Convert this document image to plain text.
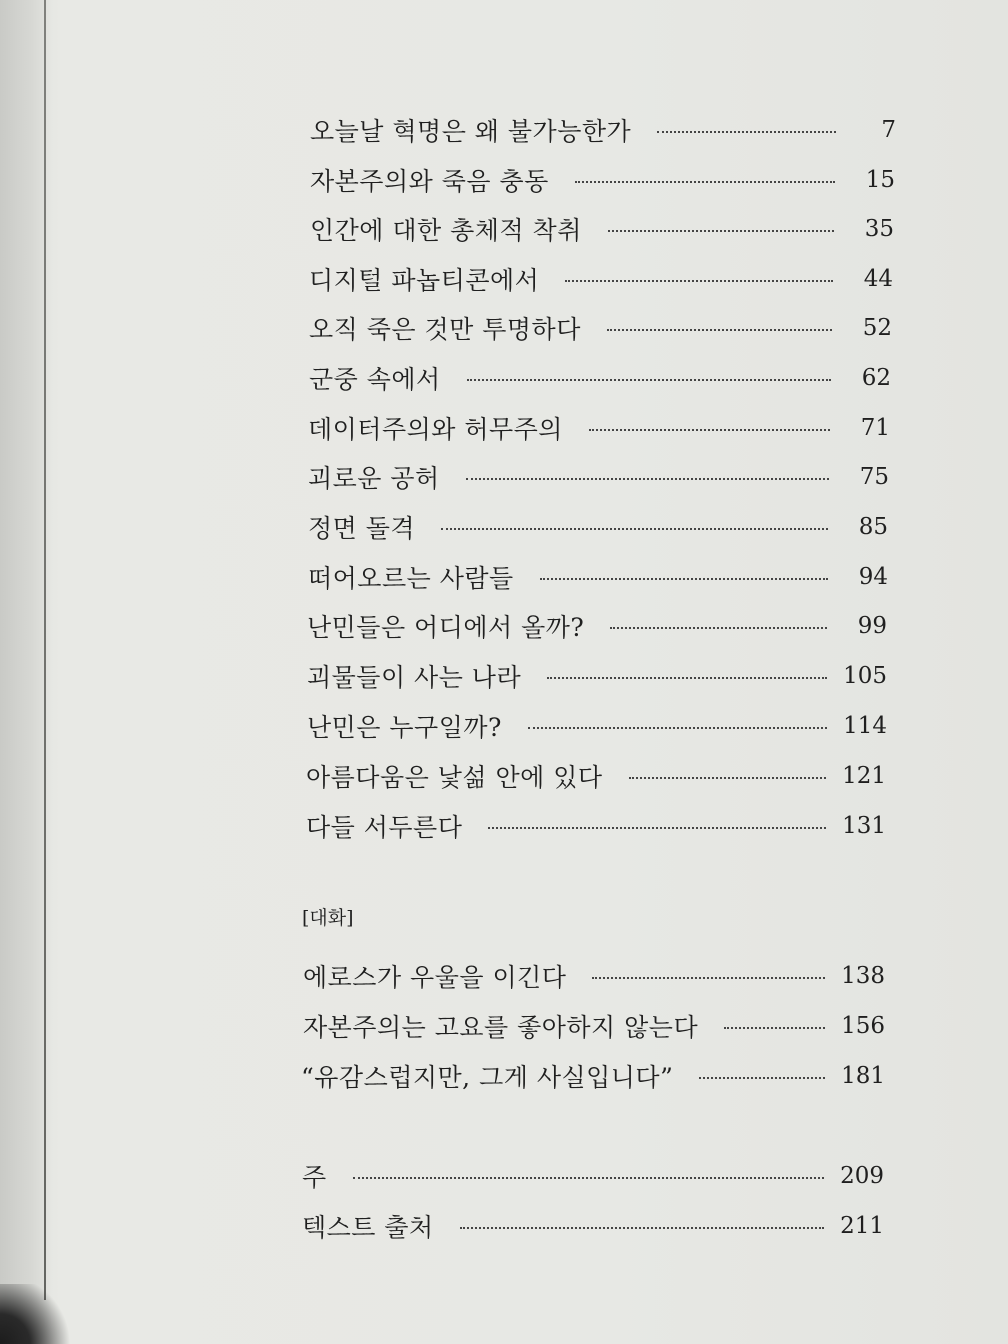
오늘날 혁명은 왜 불가능한가	7
자본주의와 죽음 충동	15
인간에 대한 총체적 착취	35
디지털 파놉티콘에서	44
오직 죽은 것만 투명하다	52
군중 속에서	62
데이터주의와 허무주의	71
괴로운 공허	75
정면 돌격	85
떠어오르는 사람들	94
난민들은 어디에서 올까?	99
괴물들이 사는 나라	105
난민은 누구일까?	114
아름다움은 낯섦 안에 있다	121
다들 서두른다	131
[대화]
에로스가 우울을 이긴다	138
자본주의는 고요를 좋아하지 않는다	156
“유감스럽지만, 그게 사실입니다”	181
주	209
텍스트 출처	211
